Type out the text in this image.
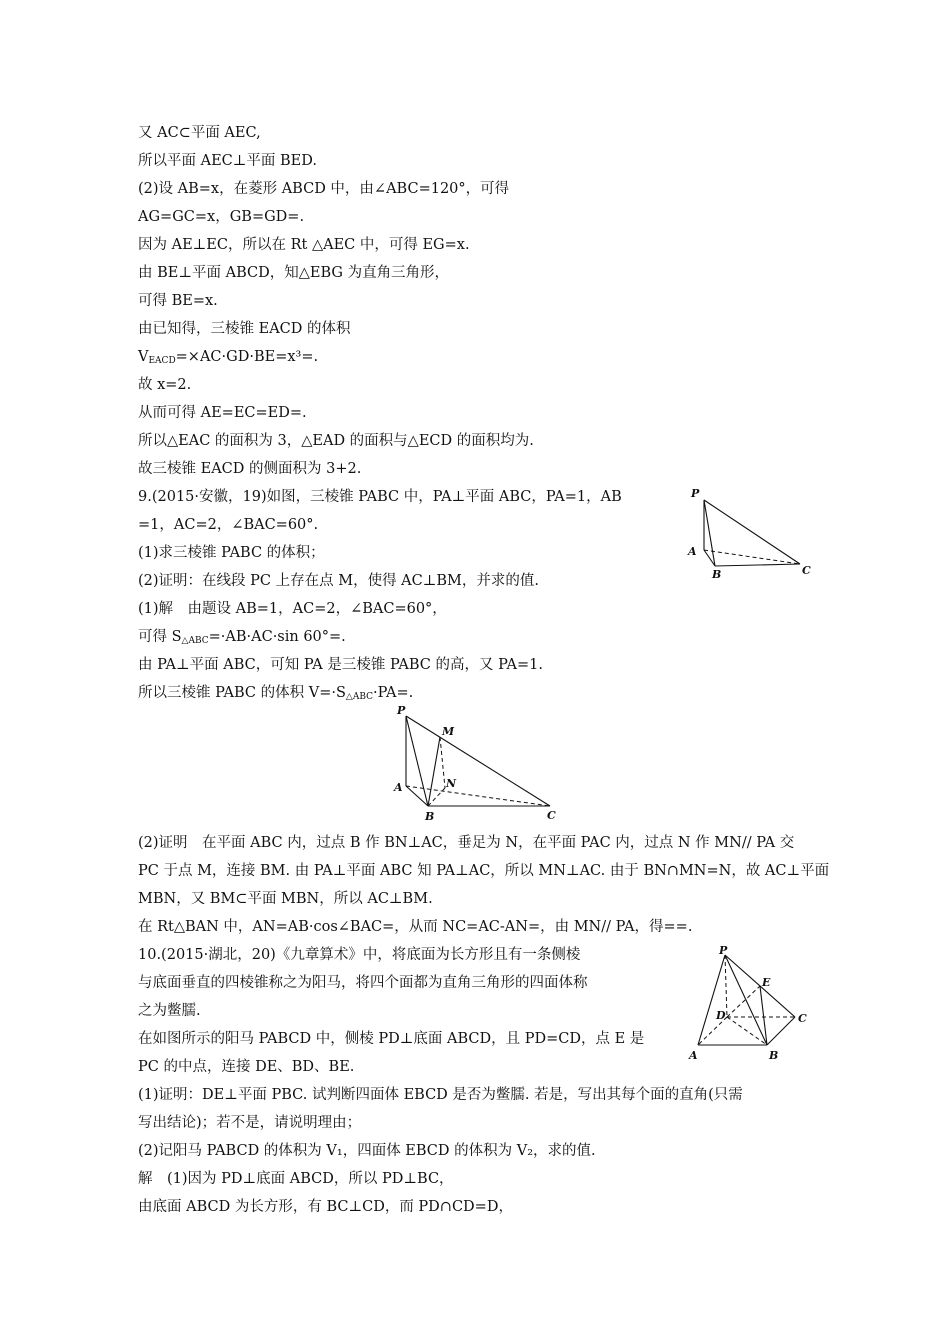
又 AC⊂平面 AEC,

所以平面 AEC⊥平面 BED.

(2)设 AB=x，在菱形 ABCD 中，由∠ABC=120°，可得

AG=GC=x，GB=GD=.

因为 AE⊥EC，所以在 Rt △AEC 中，可得 EG=x.

由 BE⊥平面 ABCD，知△EBG 为直角三角形，

可得 BE=x.

由已知得，三棱锥 EACD 的体积

$V_{EACD}=\times AC\cdot GD\cdot BE=x^3=$.

故 x=2.

从而可得 AE=EC=ED=.

所以△EAC 的面积为 3，△EAD 的面积与△ECD 的面积均为.

故三棱锥 EACD 的侧面积为 3+2.

9.(2015·安徽，19)如图，三棱锥 PABC 中，PA⊥平面 ABC，PA=1，AB

=1，AC=2，∠BAC=60°.

(1)求三棱锥 PABC 的体积；

(2)证明：在线段 PC 上存在点 M，使得 AC⊥BM，并求的值.

(1)解　由题设 AB=1，AC=2，∠BAC=60°，

可得 $S_{\triangle ABC}=\cdot AB\cdot AC\cdot\sin$ 60°=.

由 PA⊥平面 ABC，可知 PA 是三棱锥 PABC 的高，又 PA=1.

所以三棱锥 PABC 的体积 $V=\cdot S_{\triangle ABC}\cdot PA=$.

(2)证明　在平面 ABC 内，过点 B 作 BN⊥AC，垂足为 N，在平面 PAC 内，过点 N 作 MN// PA 交

PC 于点 M，连接 BM. 由 PA⊥平面 ABC 知 PA⊥AC，所以 MN⊥AC. 由于 BN∩MN=N，故 AC⊥平面

MBN，又 BM⊂平面 MBN，所以 AC⊥BM.

在 Rt△BAN 中，AN=AB·cos∠BAC=，从而 NC=AC-AN=，由 MN// PA，得==.

10.(2015·湖北，20)《九章算术》中，将底面为长方形且有一条侧棱

与底面垂直的四棱锥称之为阳马，将四个面都为直角三角形的四面体称

之为鳖臑.

在如图所示的阳马 PABCD 中，侧棱 PD⊥底面 ABCD，且 PD=CD，点 E 是

PC 的中点，连接 DE、BD、BE.

(1)证明：DE⊥平面 PBC. 试判断四面体 EBCD 是否为鳖臑. 若是，写出其每个面的直角(只需

写出结论)；若不是，请说明理由；

(2)记阳马 PABCD 的体积为 V₁，四面体 EBCD 的体积为 V₂，求的值.

解　(1)因为 PD⊥底面 ABCD，所以 PD⊥BC，

由底面 ABCD 为长方形，有 BC⊥CD，而 PD∩CD=D，

P
A
B	C
P
M
N
A
B	C
P
E
D	C
A	B
